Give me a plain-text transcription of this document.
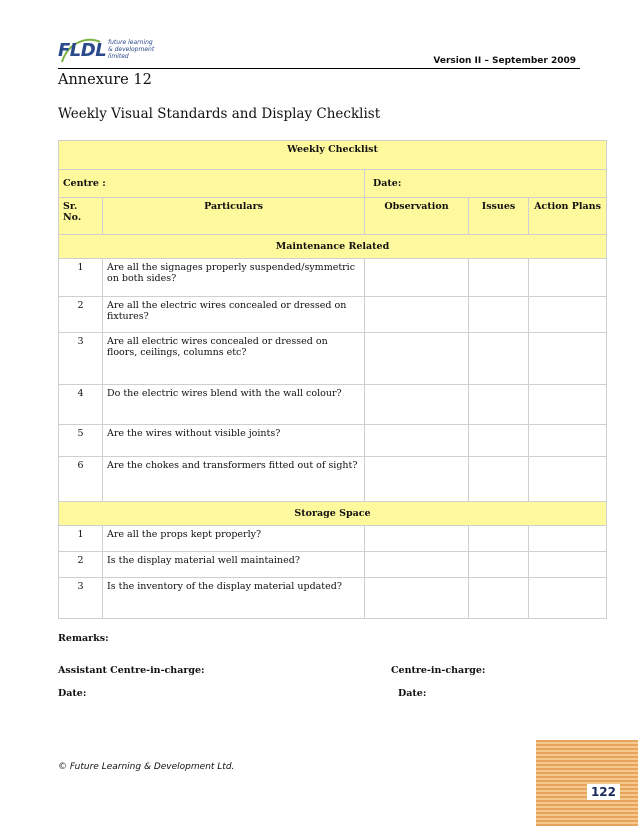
FLDL future learning
& development limited	Version II – September 2009
Annexure 12
Weekly Visual Standards and Display Checklist
Weekly Checklist				
Centre :		Date:		
Sr. No.	Particulars	Observation	Issues	Action Plans
Maintenance Related				
1	Are all the signages properly suspended/symmetric on both sides?			
2	Are all the electric wires concealed or dressed on fixtures?			
3	Are all electric wires concealed or dressed on floors, ceilings, columns etc?			
4	Do the electric wires blend with the wall colour?			
5	Are the wires without visible joints?			
6	Are the chokes and transformers fitted out of sight?			
Storage Space				
1	Are all the props kept properly?			
2	Is the display material well maintained?			
3	Is the inventory of the display material updated?			
Remarks:
Assistant Centre-in-charge:	Centre-in-charge:
Date:	Date:
© Future Learning & Development Ltd.
122
